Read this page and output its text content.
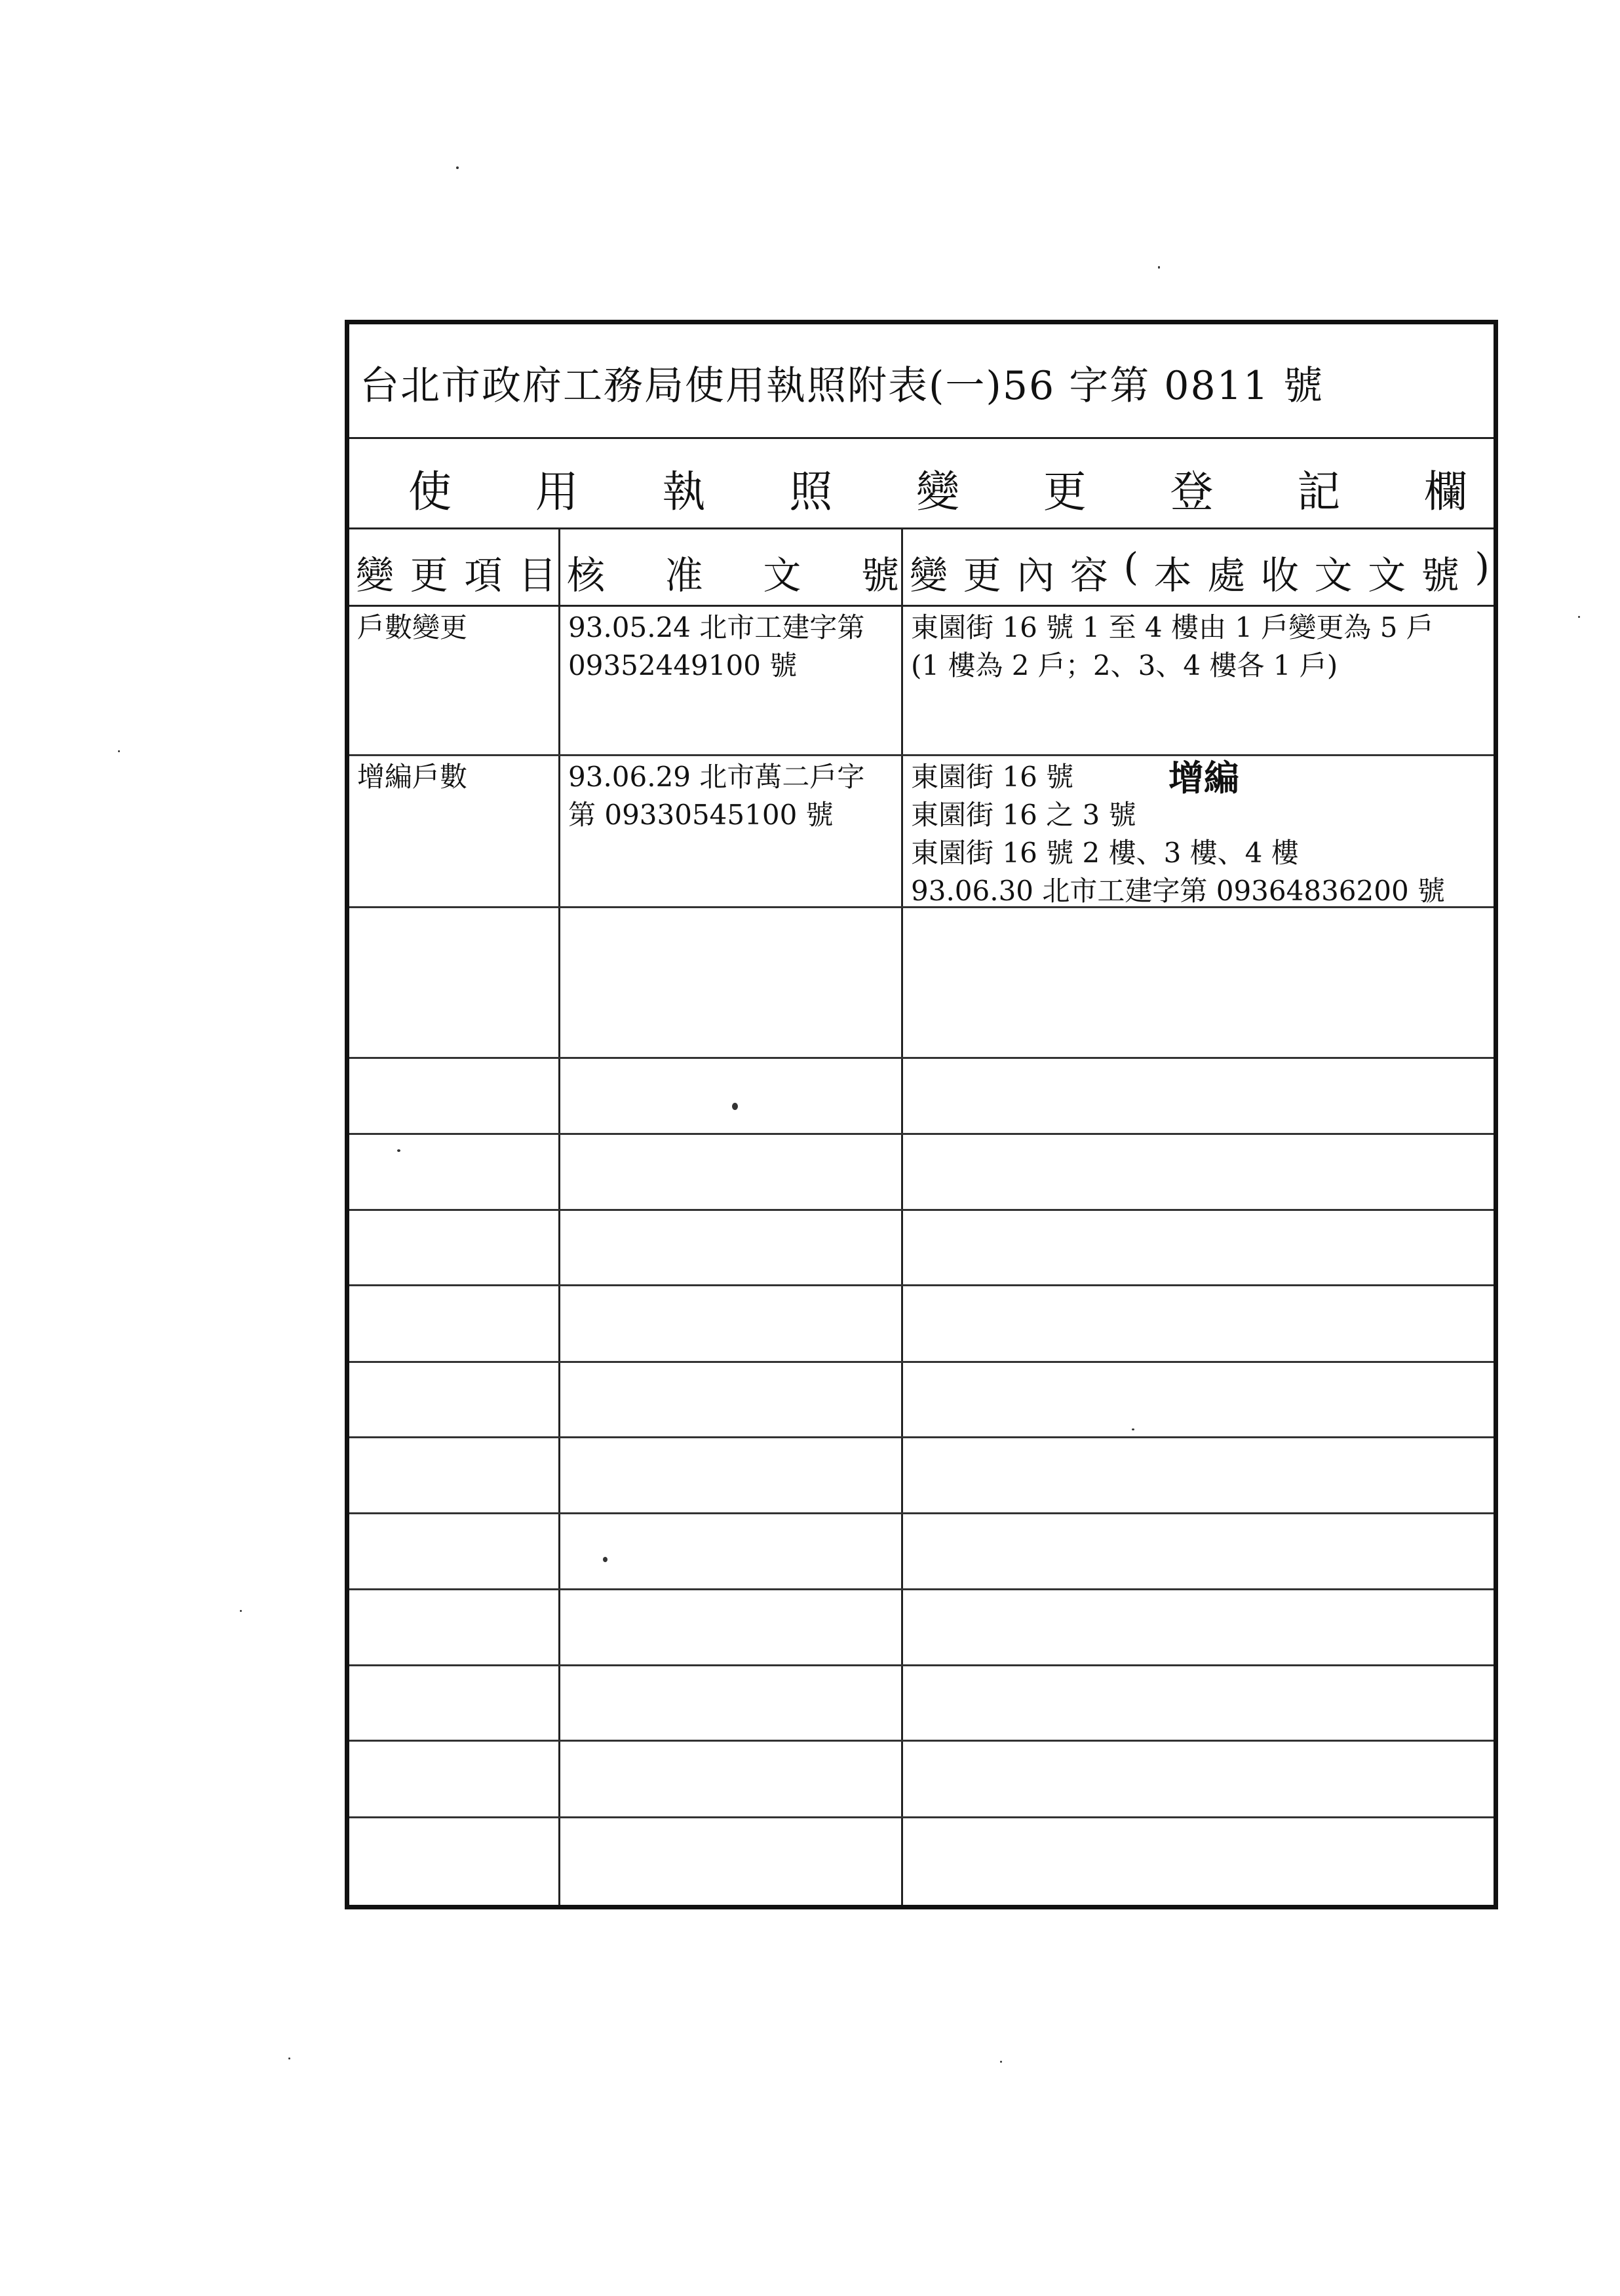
台北市政府工務局使用執照附表(一)56 字第 0811 號
使 用 執 照 變 更 登 記 欄
變 更 項 目 核 准 文 號 變 更 內 容 ( 本 處 收 文 文 號 )
戶數變更	93.05.24 北市工建字第
09352449100 號
東園街 16 號 1 至 4 樓由 1 戶變更為 5 戶
(1 樓為 2 戶；2、3、4 樓各 1 戶)
增編戶數	93.06.29 北市萬二戶字
第 09330545100 號
東園街 16 號
東園街 16 之 3 號
東園街 16 號 2 樓、3 樓、4 樓
93.06.30 北市工建字第 09364836200 號
增編
